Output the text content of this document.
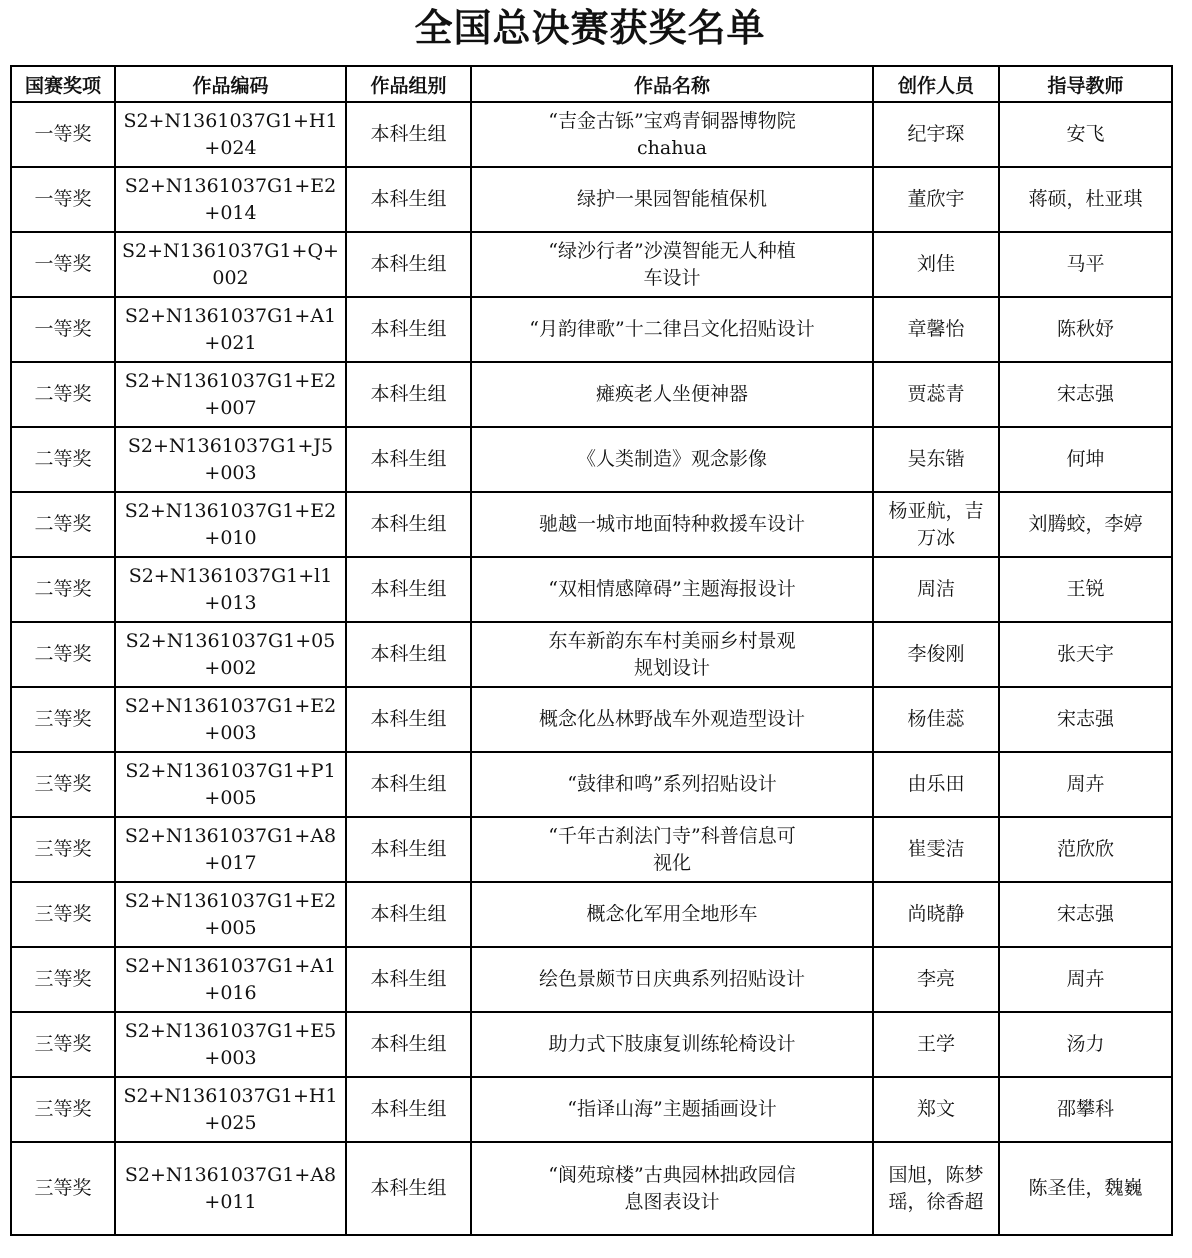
全国总决赛获奖名单
国赛奖项	作品编码	作品组别	作品名称	创作人员	指导教师
一等奖	S2+N1361037G1+H1+024	本科生组	“吉金古铄”宝鸡青铜器博物院 chahua	纪宇琛	安飞
一等奖	S2+N1361037G1+E2+014	本科生组	绿护一果园智能植保机	董欣宇	蒋硕，杜亚琪
一等奖	S2+N1361037G1+Q+002	本科生组	“绿沙行者”沙漠智能无人种植车设计	刘佳	马平
一等奖	S2+N1361037G1+A1+021	本科生组	“月韵律歌”十二律吕文化招贴设计	章馨怡	陈秋妤
二等奖	S2+N1361037G1+E2+007	本科生组	瘫痪老人坐便神器	贾蕊青	宋志强
二等奖	S2+N1361037G1+J5+003	本科生组	《人类制造》观念影像	吴东锴	何坤
二等奖	S2+N1361037G1+E2+010	本科生组	驰越一城市地面特种救援车设计	杨亚航，吉万冰	刘腾蛟，李婷
二等奖	S2+N1361037G1+l1+013	本科生组	“双相情感障碍”主题海报设计	周洁	王锐
二等奖	S2+N1361037G1+05+002	本科生组	东车新韵东车村美丽乡村景观规划设计	李俊刚	张天宇
三等奖	S2+N1361037G1+E2+003	本科生组	概念化丛林野战车外观造型设计	杨佳蕊	宋志强
三等奖	S2+N1361037G1+P1+005	本科生组	“鼓律和鸣”系列招贴设计	由乐田	周卉
三等奖	S2+N1361037G1+A8+017	本科生组	“千年古刹法门寺”科普信息可视化	崔雯洁	范欣欣
三等奖	S2+N1361037G1+E2+005	本科生组	概念化军用全地形车	尚晓静	宋志强
三等奖	S2+N1361037G1+A1+016	本科生组	绘色景颇节日庆典系列招贴设计	李亮	周卉
三等奖	S2+N1361037G1+E5+003	本科生组	助力式下肢康复训练轮椅设计	王学	汤力
三等奖	S2+N1361037G1+H1+025	本科生组	“指译山海”主题插画设计	郑文	邵攀科
三等奖	S2+N1361037G1+A8+011	本科生组	“阆苑琼楼”古典园林拙政园信息图表设计	国旭，陈梦瑶，徐香超	陈圣佳，魏巍
